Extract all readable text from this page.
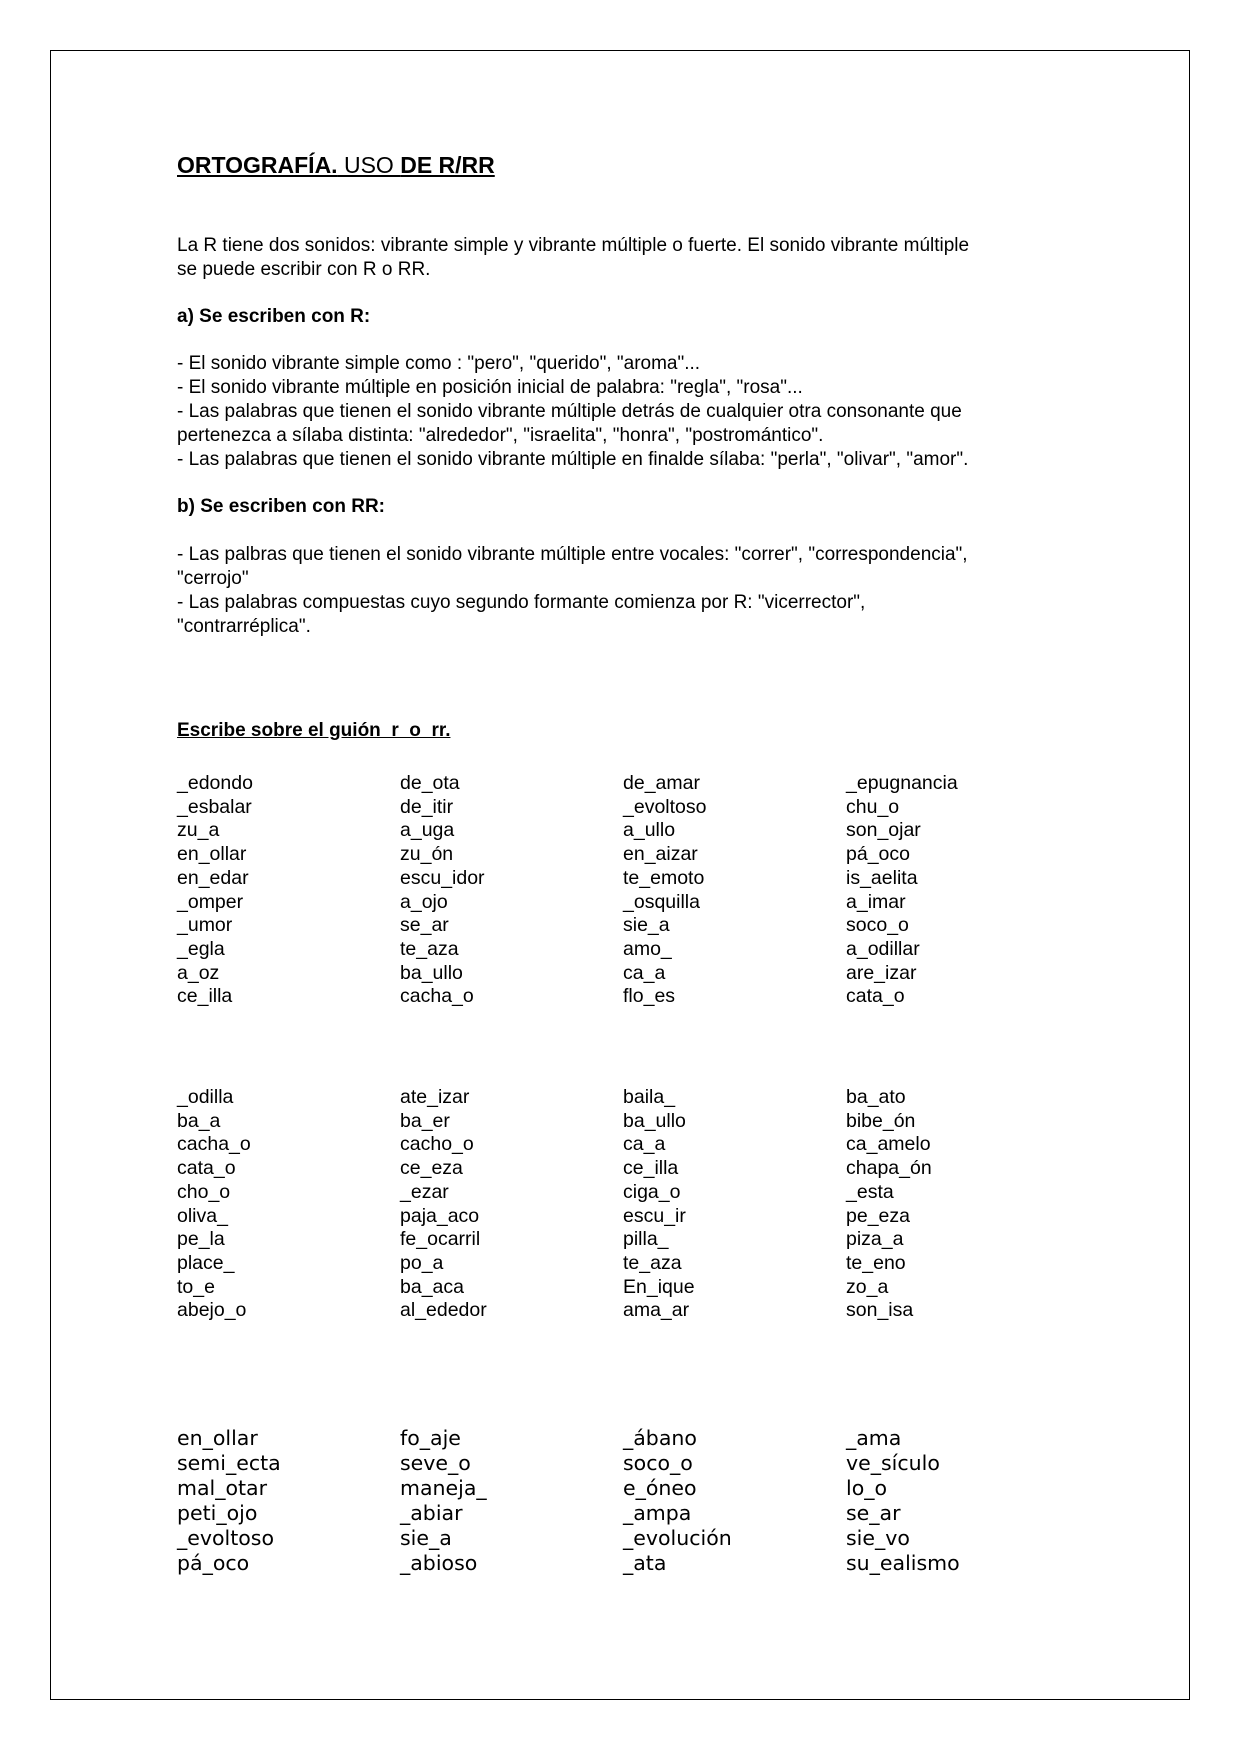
ORTOGRAFÍA. USO DE R/RR
La R tiene dos sonidos: vibrante simple y vibrante múltiple o fuerte. El sonido vibrante múltiple
se puede escribir con R o RR.
a) Se escriben con R:
- El sonido vibrante simple como : "pero", "querido", "aroma"...
- El sonido vibrante múltiple en posición inicial de palabra: "regla", "rosa"...
- Las palabras que tienen el sonido vibrante múltiple detrás de cualquier otra consonante que
pertenezca a sílaba distinta: "alrededor", "israelita", "honra", "postromántico".
- Las palabras que tienen el sonido vibrante múltiple en finalde sílaba: "perla", "olivar", "amor".
b) Se escriben con RR:
- Las palbras que tienen el sonido vibrante múltiple entre vocales: "correr", "correspondencia",
"cerrojo"
- Las palabras compuestas cuyo segundo formante comienza por R: "vicerrector",
"contrarréplica".
Escribe sobre el guión  r  o  rr.
_edondo	de_ota	de_amar	_epugnancia
_esbalar	de_itir	_evoltoso	chu_o
zu_a	a_uga	a_ullo	son_ojar
en_ollar	zu_ón	en_aizar	pá_oco
en_edar	escu_idor	te_emoto	is_aelita
_omper	a_ojo	_osquilla	a_imar
_umor	se_ar	sie_a	soco_o
_egla	te_aza	amo_	a_odillar
a_oz	ba_ullo	ca_a	are_izar
ce_illa	cacha_o	flo_es	cata_o
_odilla	ate_izar	baila_	ba_ato
ba_a	ba_er	ba_ullo	bibe_ón
cacha_o	cacho_o	ca_a	ca_amelo
cata_o	ce_eza	ce_illa	chapa_ón
cho_o	_ezar	ciga_o	_esta
oliva_	paja_aco	escu_ir	pe_eza
pe_la	fe_ocarril	pilla_	piza_a
place_	po_a	te_aza	te_eno
to_e	ba_aca	En_ique	zo_a
abejo_o	al_ededor	ama_ar	son_isa
en_ollar	fo_aje	_ábano	_ama
semi_ecta	seve_o	soco_o	ve_sículo
mal_otar	maneja_	e_óneo	lo_o
peti_ojo	_abiar	_ampa	se_ar
_evoltoso	sie_a	_evolución	sie_vo
pá_oco	_abioso	_ata	su_ealismo
